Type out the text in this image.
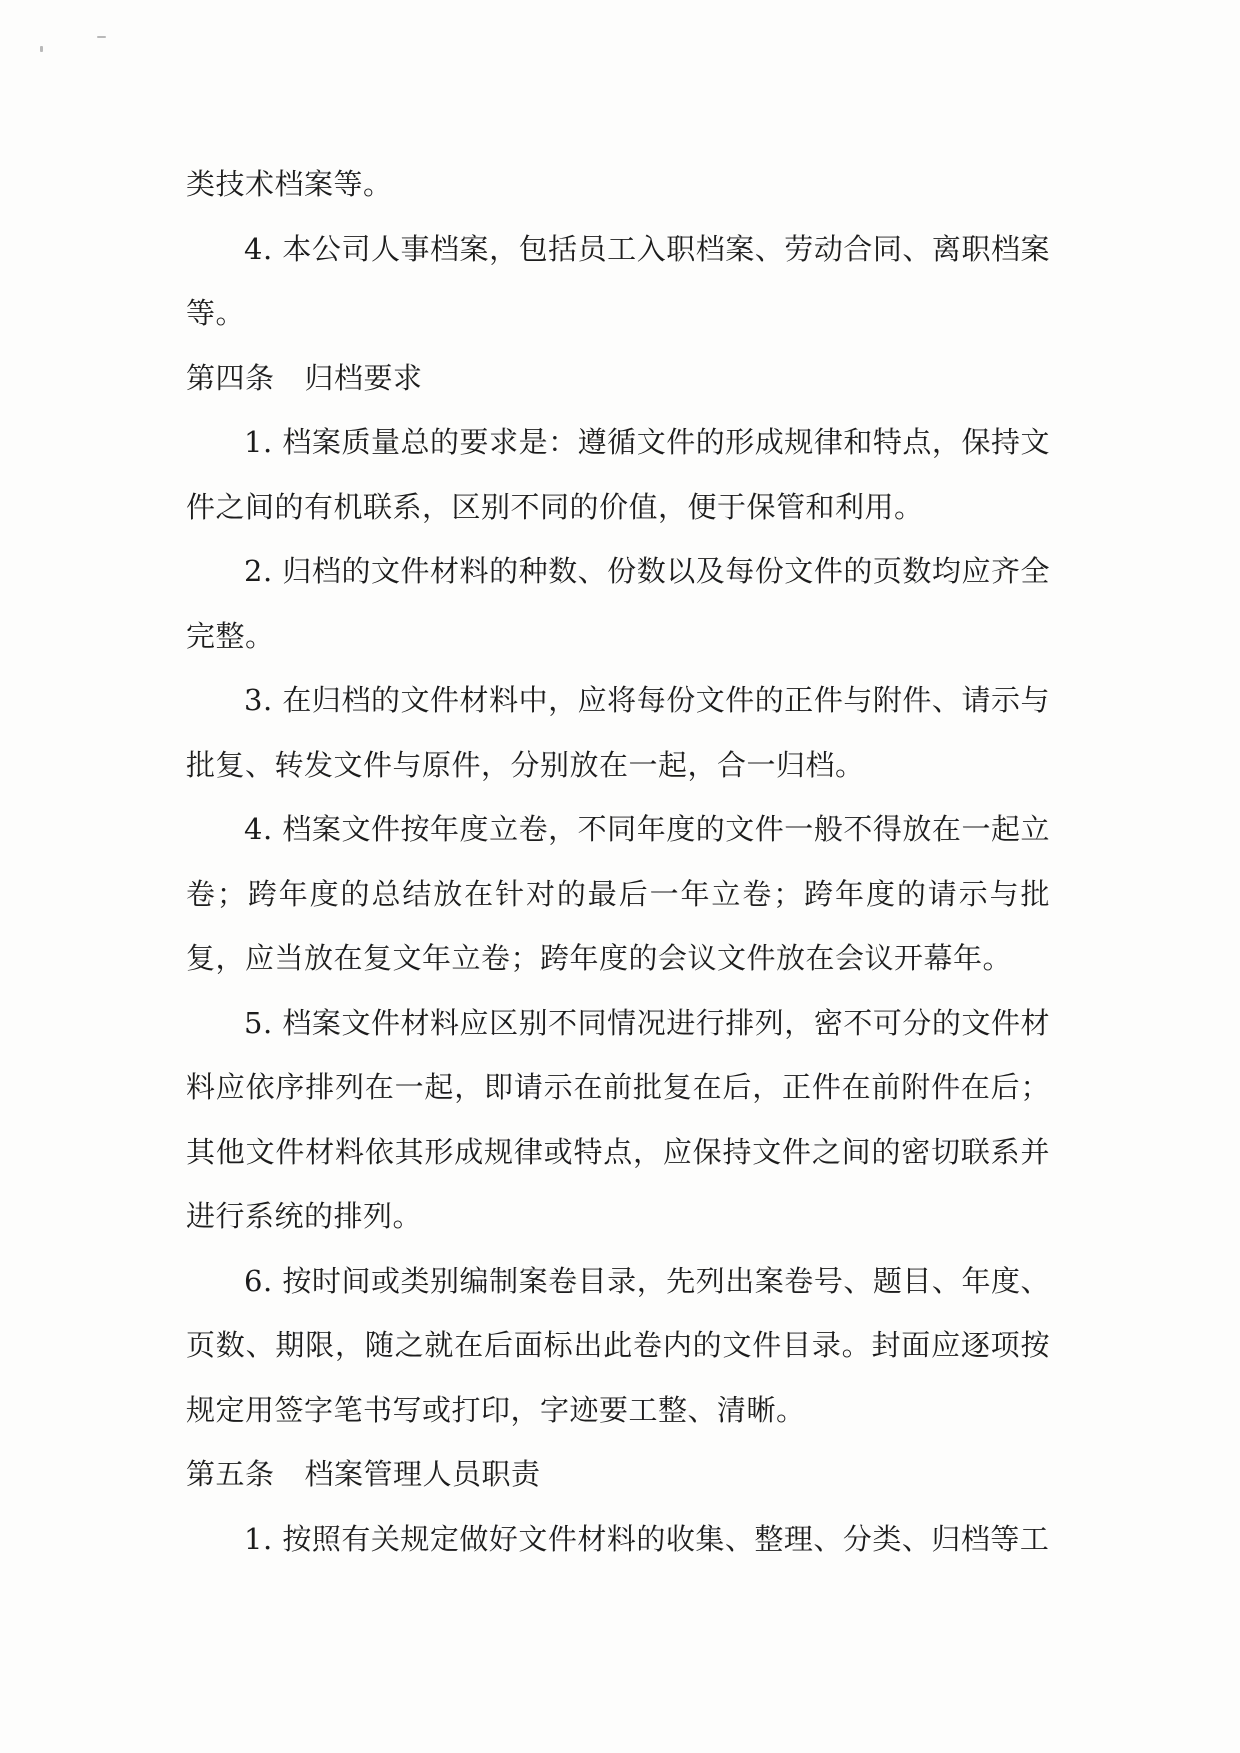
类技术档案等。

4. 本公司人事档案，包括员工入职档案、劳动合同、离职档案等。

第四条 归档要求

1. 档案质量总的要求是：遵循文件的形成规律和特点，保持文件之间的有机联系，区别不同的价值，便于保管和利用。

2. 归档的文件材料的种数、份数以及每份文件的页数均应齐全完整。

3. 在归档的文件材料中，应将每份文件的正件与附件、请示与批复、转发文件与原件，分别放在一起，合一归档。

4. 档案文件按年度立卷，不同年度的文件一般不得放在一起立卷；跨年度的总结放在针对的最后一年立卷；跨年度的请示与批复，应当放在复文年立卷；跨年度的会议文件放在会议开幕年。

5. 档案文件材料应区别不同情况进行排列，密不可分的文件材料应依序排列在一起，即请示在前批复在后，正件在前附件在后；其他文件材料依其形成规律或特点，应保持文件之间的密切联系并进行系统的排列。

6. 按时间或类别编制案卷目录，先列出案卷号、题目、年度、页数、期限，随之就在后面标出此卷内的文件目录。封面应逐项按规定用签字笔书写或打印，字迹要工整、清晰。

第五条 档案管理人员职责

1. 按照有关规定做好文件材料的收集、整理、分类、归档等工
